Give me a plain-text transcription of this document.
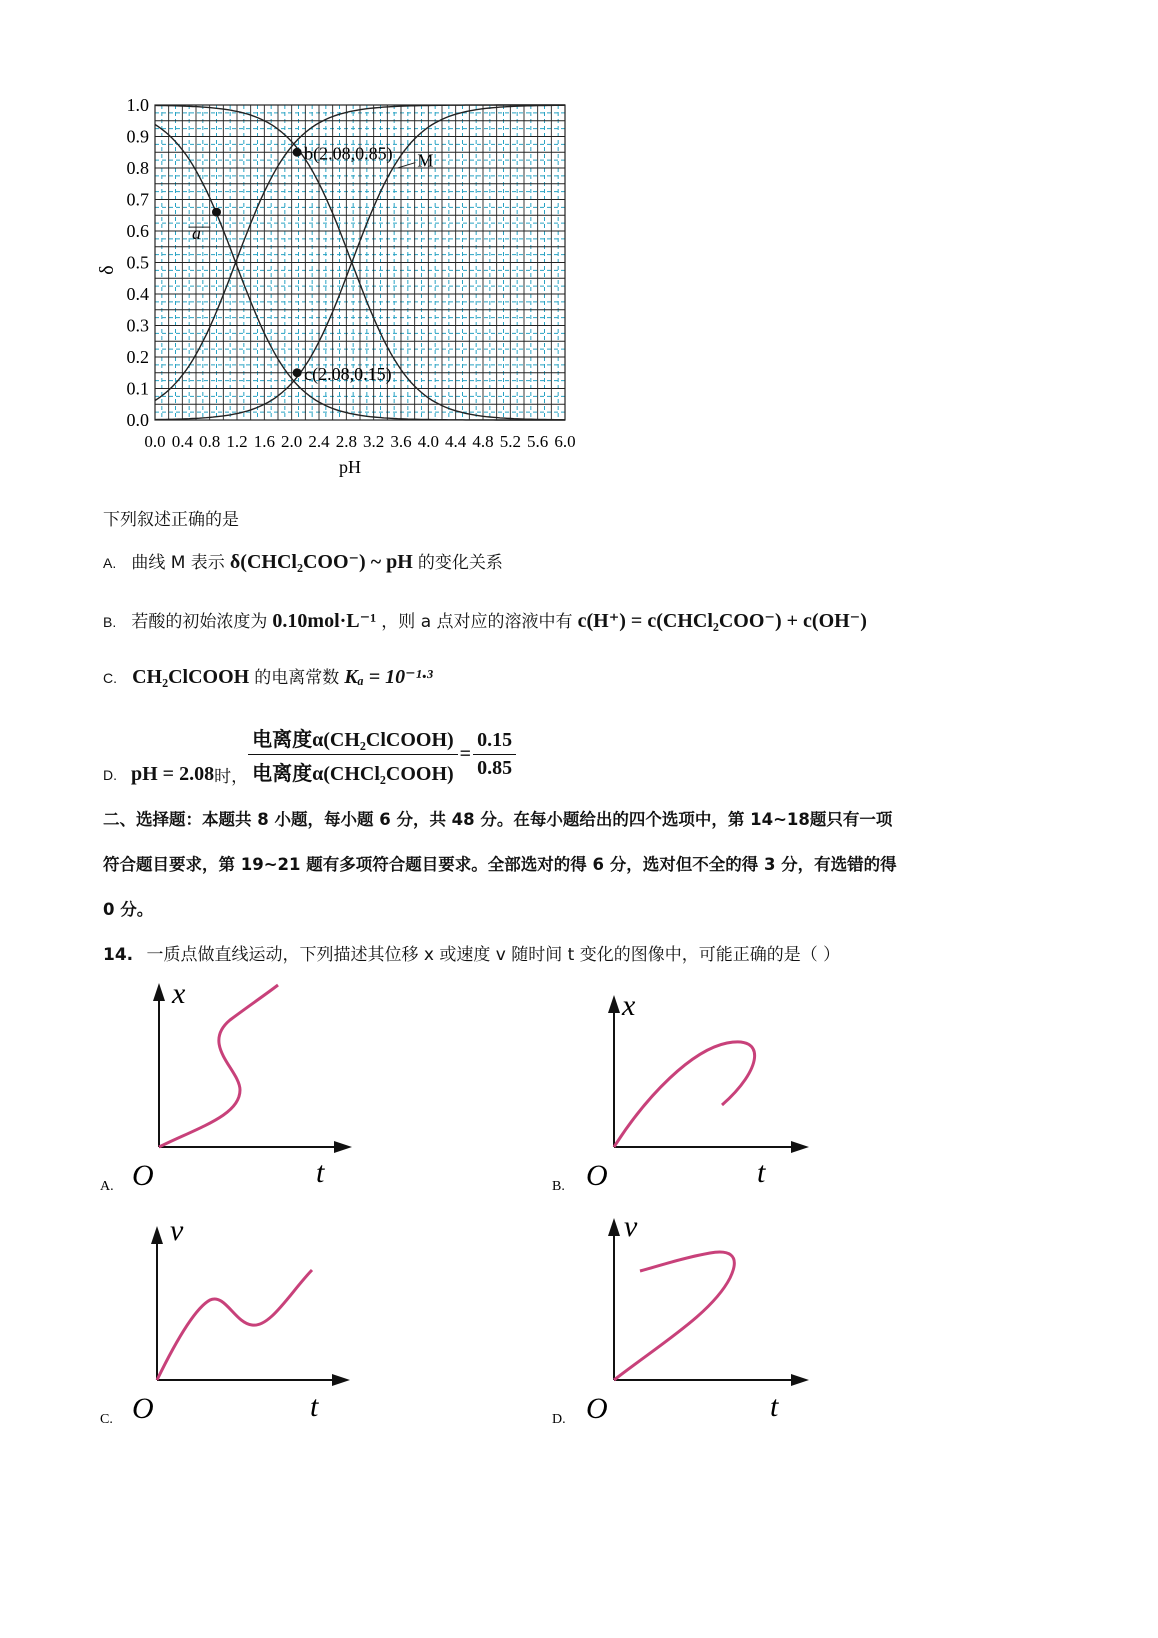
0.0
0.1
0.2
0.3
0.4
0.5
0.6
0.7
0.8
0.9
1.0
0.0 0.4 0.8 1.2 1.6 2.0 2.4 2.8 3.2 3.6 4.0 4.4 4.8 5.2 5.6 6.0
a
b(2.08,0.85)
c(2.08,0.15)
M
pH
δ
下列叙述正确的是
A. 曲线 M 表示 δ(CHCl₂COO⁻) ~ pH 的变化关系
B. 若酸的初始浓度为 0.10mol·L⁻¹ ，则 a 点对应的溶液中有 c(H⁺) = c(CHCl₂COO⁻) + c(OH⁻)
C. CH₂ClCOOH 的电离常数 Kₐ = 10⁻¹·³
D. pH = 2.08 时， $\frac{\text{电离度α(CH₂ClCOOH)}}{\text{电离度α(CHCl₂COOH)}} = \frac{0.15}{0.85}$
二、选择题：本题共 8 小题，每小题 6 分，共 48 分。在每小题给出的四个选项中，第 14~18题只有一项
符合题目要求，第 19~21 题有多项符合题目要求。全部选对的得 6 分，选对但不全的得 3 分，有选错的得
0 分。
14. 一质点做直线运动，下列描述其位移 x 或速度 v 随时间 t 变化的图像中，可能正确的是（ ）
x
t
O
A.
x
t
O
B.
v
t
O
C.
v
t
O
D.
